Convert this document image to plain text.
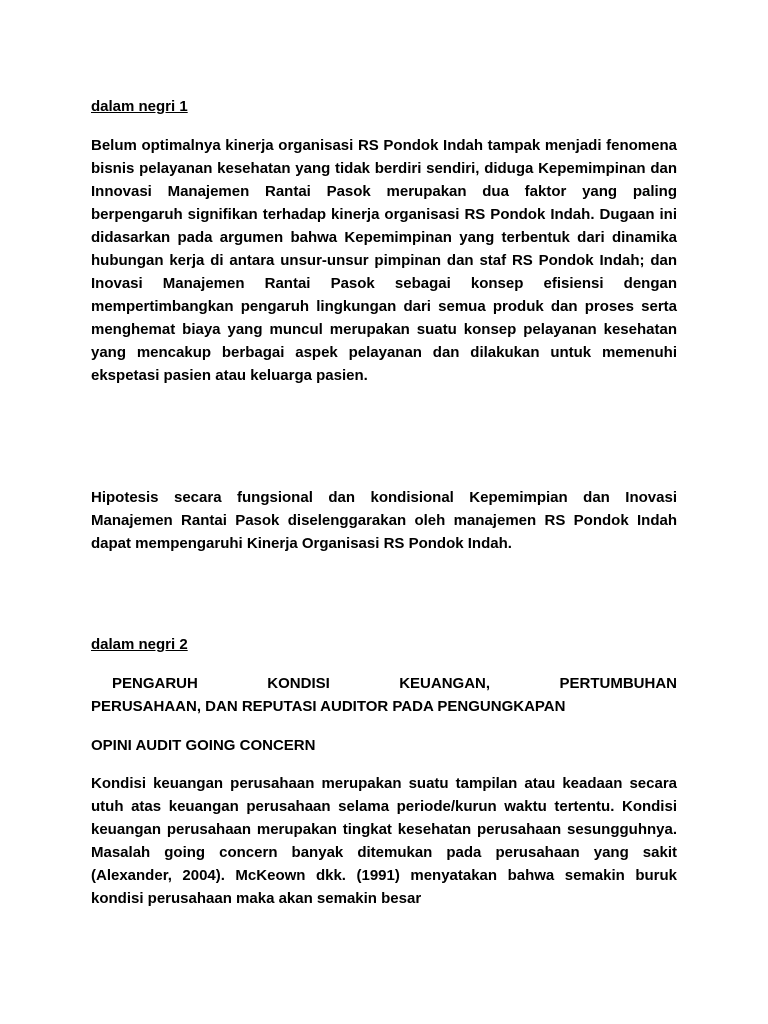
dalam negri 1
Belum optimalnya kinerja organisasi RS Pondok Indah tampak menjadi fenomena bisnis pelayanan kesehatan yang tidak berdiri sendiri, diduga Kepemimpinan dan Innovasi Manajemen Rantai Pasok merupakan dua faktor yang paling berpengaruh signifikan terhadap kinerja organisasi RS Pondok Indah. Dugaan ini didasarkan pada argumen bahwa Kepemimpinan yang terbentuk dari dinamika hubungan kerja di antara unsur-unsur pimpinan dan staf RS Pondok Indah; dan Inovasi Manajemen Rantai Pasok sebagai konsep efisiensi dengan mempertimbangkan pengaruh lingkungan dari semua produk dan proses serta menghemat biaya yang muncul merupakan suatu konsep pelayanan kesehatan yang mencakup berbagai aspek pelayanan dan dilakukan untuk memenuhi ekspetasi pasien atau keluarga pasien.
Hipotesis secara fungsional dan kondisional Kepemimpian dan Inovasi Manajemen Rantai Pasok diselenggarakan oleh manajemen RS Pondok Indah dapat mempengaruhi Kinerja Organisasi RS Pondok Indah.
dalam negri 2
PENGARUH KONDISI KEUANGAN, PERTUMBUHAN
PERUSAHAAN, DAN REPUTASI AUDITOR PADA PENGUNGKAPAN
OPINI AUDIT GOING CONCERN
Kondisi keuangan perusahaan merupakan suatu tampilan atau keadaan secara utuh atas keuangan perusahaan selama periode/kurun waktu tertentu. Kondisi keuangan perusahaan merupakan tingkat kesehatan perusahaan sesungguhnya. Masalah going concern banyak ditemukan pada perusahaan yang sakit (Alexander, 2004). McKeown dkk. (1991) menyatakan bahwa semakin buruk kondisi perusahaan maka akan semakin besar
